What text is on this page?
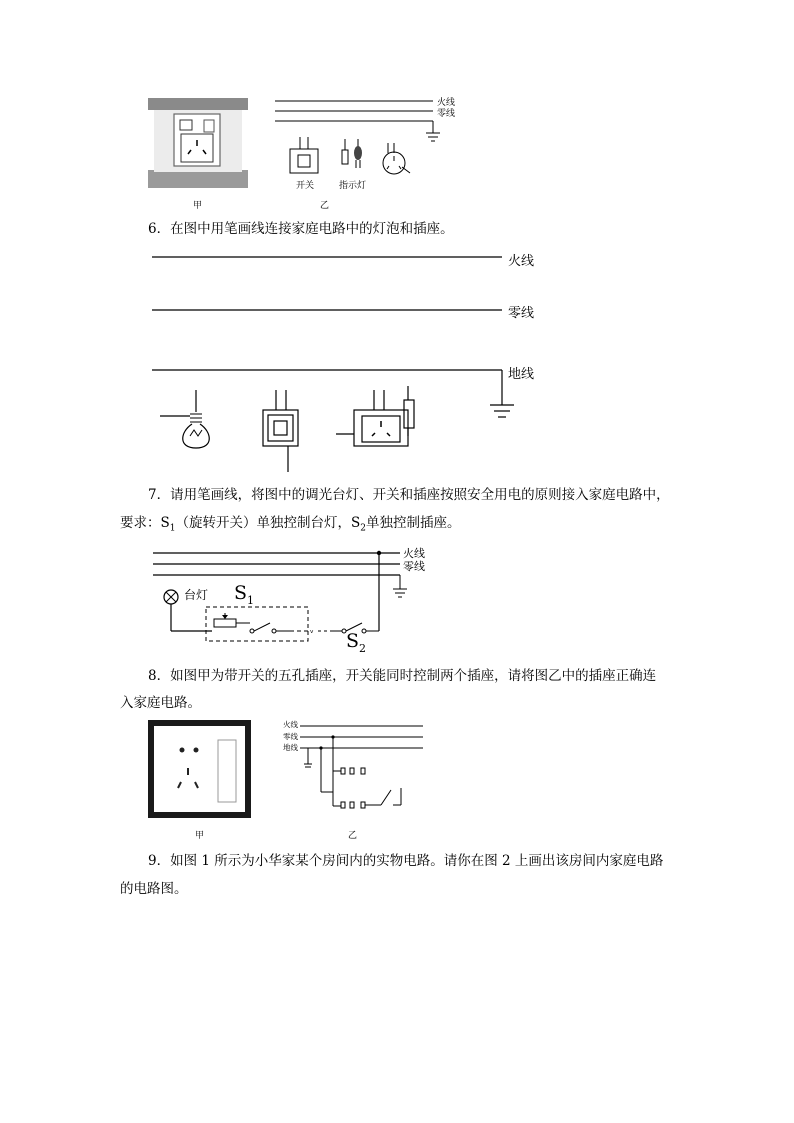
甲
火线
零线
开关	指示灯
乙
6．在图中用笔画线连接家庭电路中的灯泡和插座。
火线
零线
地线
7．请用笔画线，将图中的调光台灯、开关和插座按照安全用电的原则接入家庭电路中，
要求：$S_1$（旋转开关）单独控制台灯，$S_2$单独控制插座。
ᵥ
火线
零线
台灯 $S_1$
$S_2$
8．如图甲为带开关的五孔插座，开关能同时控制两个插座，请将图乙中的插座正确连
入家庭电路。
甲
火线
零线
地线
乙
9．如图 1 所示为小华家某个房间内的实物电路。请你在图 2 上画出该房间内家庭电路
的电路图。
